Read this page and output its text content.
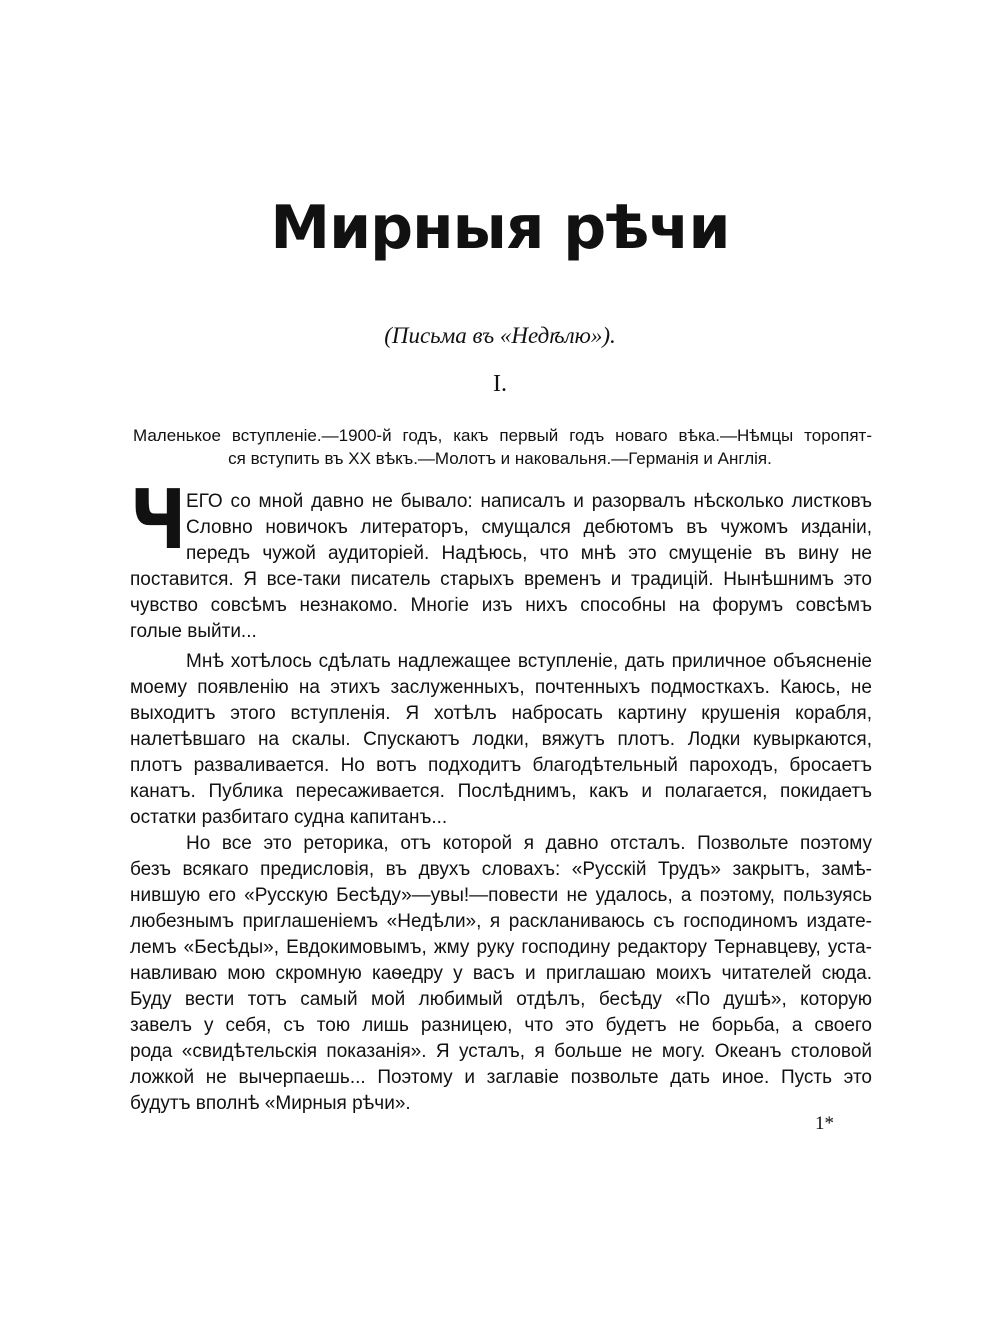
Мирныя рѣчи
(Письма въ «Недѣлю»).
I.
Маленькое вступленіе.—1900-й годъ, какъ первый годъ новаго вѣка.—Нѣмцы торопят-
ся вступить въ XX вѣкъ.—Молотъ и наковальня.—Германія и Англія.
Ч ЕГО со мной давно не бывало: написалъ и разорвалъ нѣсколько листковъ
Словно новичокъ литераторъ, смущался дебютомъ въ чужомъ изданіи,
передъ чужой аудиторіей. Надѣюсь, что мнѣ это смущеніе въ вину не
поставится. Я все-таки писатель старыхъ временъ и традицій. Нынѣшнимъ это
чувство совсѣмъ незнакомо. Многіе изъ нихъ способны на форумъ совсѣмъ
голые выйти...
Мнѣ хотѣлось сдѣлать надлежащее вступленіе, дать приличное объясненіе
моему появленію на этихъ заслуженныхъ, почтенныхъ подмосткахъ. Каюсь, не
выходитъ этого вступленія. Я хотѣлъ набросать картину крушенія корабля,
налетѣвшаго на скалы. Спускаютъ лодки, вяжутъ плотъ. Лодки кувыркаются,
плотъ разваливается. Но вотъ подходитъ благодѣтельный пароходъ, бросаетъ
канатъ. Публика пересаживается. Послѣднимъ, какъ и полагается, покидаетъ
остатки разбитаго судна капитанъ...
Но все это реторика, отъ которой я давно отсталъ. Позвольте поэтому
безъ всякаго предисловія, въ двухъ словахъ: «Русскій Трудъ» закрытъ, замѣ-
нившую его «Русскую Бесѣду»—увы!—повести не удалось, а поэтому, пользуясь
любезнымъ приглашеніемъ «Недѣли», я раскланиваюсь съ господиномъ издате-
лемъ «Бесѣды», Евдокимовымъ, жму руку господину редактору Тернавцеву, уста-
навливаю мою скромную каѳедру у васъ и приглашаю моихъ читателей сюда.
Буду вести тотъ самый мой любимый отдѣлъ, бесѣду «По душѣ», которую
завелъ у себя, съ тою лишь разницею, что это будетъ не борьба, а своего
рода «свидѣтельскія показанія». Я усталъ, я больше не могу. Океанъ столовой
ложкой не вычерпаешь... Поэтому и заглавіе позвольте дать иное. Пусть это
будутъ вполнѣ «Мирныя рѣчи».
1*
